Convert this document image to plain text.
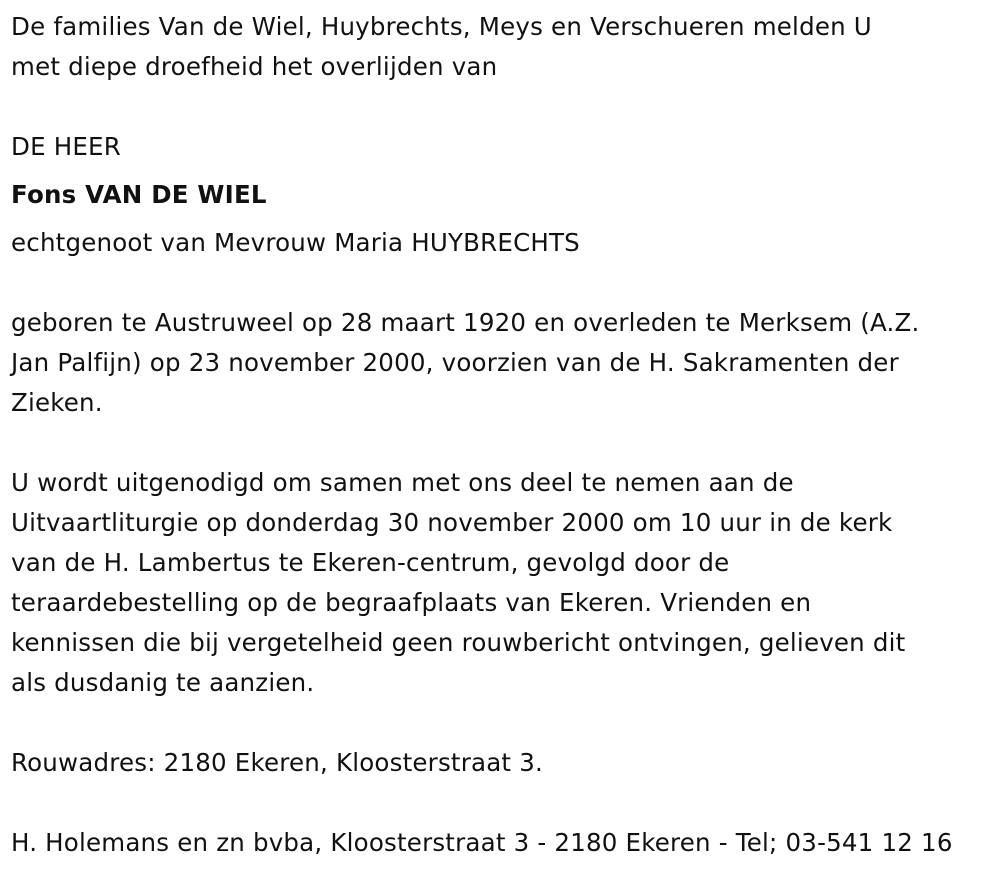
De families Van de Wiel, Huybrechts, Meys en Verschueren melden U
met diepe droefheid het overlijden van
DE HEER
Fons VAN DE WIEL
echtgenoot van Mevrouw Maria HUYBRECHTS
geboren te Austruweel op 28 maart 1920 en overleden te Merksem (A.Z.
Jan Palfijn) op 23 november 2000, voorzien van de H. Sakramenten der
Zieken.
U wordt uitgenodigd om samen met ons deel te nemen aan de
Uitvaartliturgie op donderdag 30 november 2000 om 10 uur in de kerk
van de H. Lambertus te Ekeren-centrum, gevolgd door de
teraardebestelling op de begraafplaats van Ekeren. Vrienden en
kennissen die bij vergetelheid geen rouwbericht ontvingen, gelieven dit
als dusdanig te aanzien.
Rouwadres: 2180 Ekeren, Kloosterstraat 3.
H. Holemans en zn bvba, Kloosterstraat 3 - 2180 Ekeren - Tel; 03-541 12 16
